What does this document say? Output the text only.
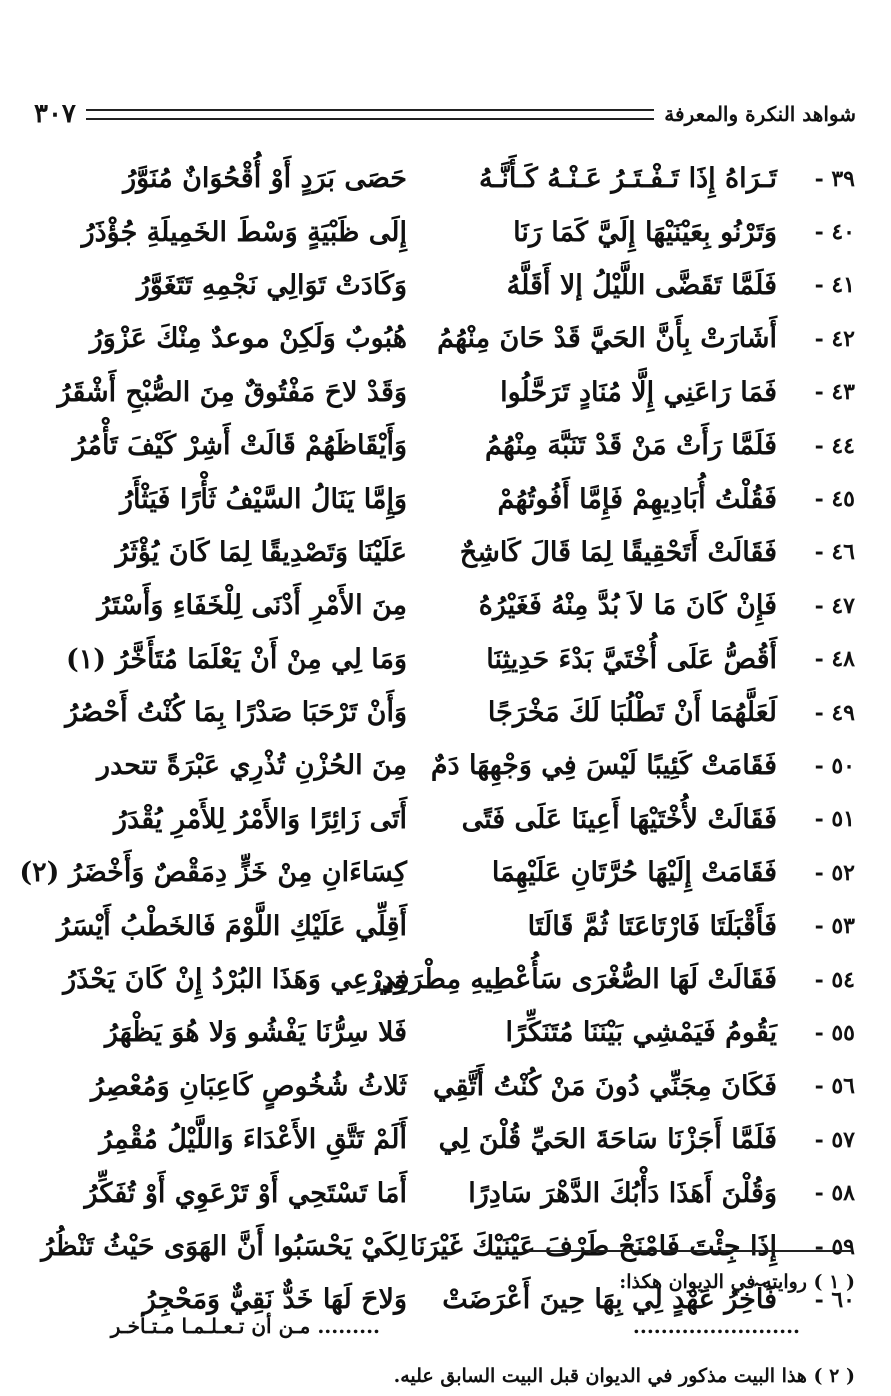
شواهد النكرة والمعرفة
٣٠٧
٣٩ -
تَـرَاهُ إِذَا تَـفْـتَـرُ عَـنْـهُ كَـأَنَّـهُ
حَصَى بَرَدٍ أَوْ أُقْحُوَانٌ مُنَوَّرُ
٤٠ -
وَتَرْنُو بِعَيْنَيْهَا إِلَيَّ كَمَا رَنَا
إِلَى ظَبْيَةٍ وَسْطَ الخَمِيلَةِ جُؤْذَرُ
٤١ -
فَلَمَّا تَقَضَّى اللَّيْلُ إلا أَقَلَّهُ
وَكَادَتْ تَوَالِي نَجْمِهِ تَتَغَوَّرُ
٤٢ -
أَشَارَتْ بِأَنَّ الحَيَّ قَدْ حَانَ مِنْهُمُ
هُبُوبٌ وَلَكِنْ موعدٌ مِنْكَ عَزْوَرُ
٤٣ -
فَمَا رَاعَنِي إِلَّا مُنَادٍ تَرَحَّلُوا
وَقَدْ لاحَ مَفْتُوقٌ مِنَ الصُّبْحِ أَشْقَرُ
٤٤ -
فَلَمَّا رَأَتْ مَنْ قَدْ تَنَبَّهَ مِنْهُمُ
وَأَيْقَاظَهُمْ قَالَتْ أَشِرْ كَيْفَ تَأْمُرُ
٤٥ -
فَقُلْتُ أُبَادِيهِمْ فَإِمَّا أَفُوتُهُمْ
وَإِمَّا يَنَالُ السَّيْفُ ثَأْرًا فَيَثْأَرُ
٤٦ -
فَقَالَتْ أَتَحْقِيقًا لِمَا قَالَ كَاشِحٌ
عَلَيْنَا وَتَصْدِيقًا لِمَا كَانَ يُؤْثَرُ
٤٧ -
فَإِنْ كَانَ مَا لاَ بُدَّ مِنْهُ فَغَيْرُهُ
مِنَ الأَمْرِ أَدْنَى لِلْخَفَاءِ وَأَسْتَرُ
٤٨ -
أَقُصُّ عَلَى أُخْتَيَّ بَدْءَ حَدِيثِنَا
وَمَا لِي مِنْ أَنْ يَعْلَمَا مُتَأَخَّرُ (١)
٤٩ -
لَعَلَّهُمَا أَنْ تَطْلُبَا لَكَ مَخْرَجًا
وَأَنْ تَرْحَبَا صَدْرًا بِمَا كُنْتُ أَحْصُرُ
٥٠ -
فَقَامَتْ كَئِيبًا لَيْسَ فِي وَجْهِهَا دَمٌ
مِنَ الحُزْنِ تُذْرِي عَبْرَةً تتحدر
٥١ -
فَقَالَتْ لأُخْتَيْهَا أَعِينَا عَلَى فَتًى
أَتَى زَائِرًا وَالأَمْرُ لِلأَمْرِ يُقْدَرُ
٥٢ -
فَقَامَتْ إِلَيْهَا حُرَّتَانِ عَلَيْهِمَا
كِسَاءَانِ مِنْ خَزٍّ دِمَقْصٌ وَأَخْضَرُ (٢)
٥٣ -
فَأَقْبَلَتَا فَارْتَاعَتَا ثُمَّ قَالَتَا
أَقِلِّي عَلَيْكِ اللَّوْمَ فَالخَطْبُ أَيْسَرُ
٥٤ -
فَقَالَتْ لَهَا الصُّغْرَى سَأُعْطِيهِ مِطْرَفِي
وَدِرْعِي وَهَذَا البُرْدُ إِنْ كَانَ يَحْذَرُ
٥٥ -
يَقُومُ فَيَمْشِي بَيْنَنَا مُتَنَكِّرًا
فَلا سِرُّنَا يَفْشُو وَلا هُوَ يَظْهَرُ
٥٦ -
فَكَانَ مِجَنِّي دُونَ مَنْ كُنْتُ أَتَّقِي
ثَلاثُ شُخُوصٍ كَاعِبَانِ وَمُعْصِرُ
٥٧ -
فَلَمَّا أَجَزْنَا سَاحَةَ الحَيِّ قُلْنَ لِي
أَلَمْ تَتَّقِ الأَعْدَاءَ وَاللَّيْلُ مُقْمِرُ
٥٨ -
وَقُلْنَ أَهَذَا دَأْبُكَ الدَّهْرَ سَادِرًا
أَمَا تَسْتَحِي أَوْ تَرْعَوِي أَوْ تُفَكِّرُ
٥٩ -
إِذَا جِئْتَ فَامْنَحْ طَرْفَ عَيْنَيْكَ غَيْرَنَا
لِكَيْ يَحْسَبُوا أَنَّ الهَوَى حَيْثُ تَنْظُرُ
٦٠ -
فَآخِرُ عَهْدٍ لِي بِهَا حِينَ أَعْرَضَتْ
وَلاحَ لَهَا خَدٌّ نَقِيٌّ وَمَحْجِرُ
( ١ ) روايته في الديوان هكذا:
........................
......... مـن أن تـعـلـمـا مـتـأخـر
( ٢ ) هذا البيت مذكور في الديوان قبل البيت السابق عليه.
